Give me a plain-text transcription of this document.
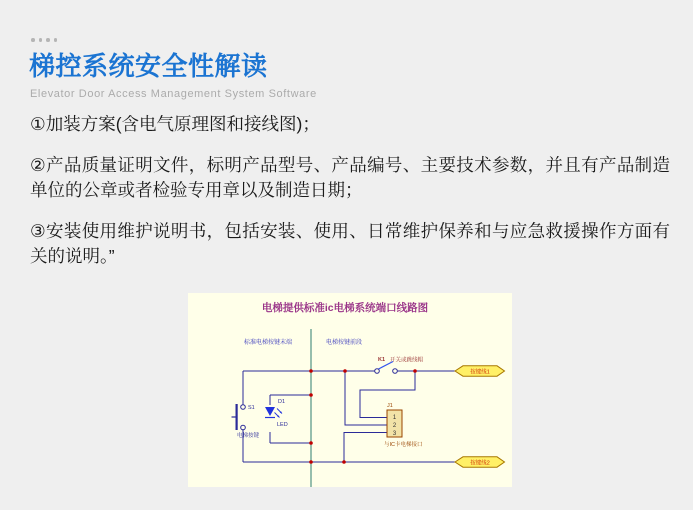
梯控系统安全性解读
Elevator Door Access Management System Software

①加装方案(含电气原理图和接线图)；

②产品质量证明文件，标明产品型号、产品编号、主要技术参数，并且有产品制造单位的公章或者检验专用章以及制造日期；

③安装使用维护说明书，包括安装、使用、日常维护保养和与应急救援操作方面有关的说明。”

电梯提供标准ic电梯系统端口线路图
标准电梯按键末端	电梯按键前段
K1 开关或跳线帽
S1
电梯按键
D1
LED
1
2
3
J1
与IC卡电梯接口
按键线1
按键线2
